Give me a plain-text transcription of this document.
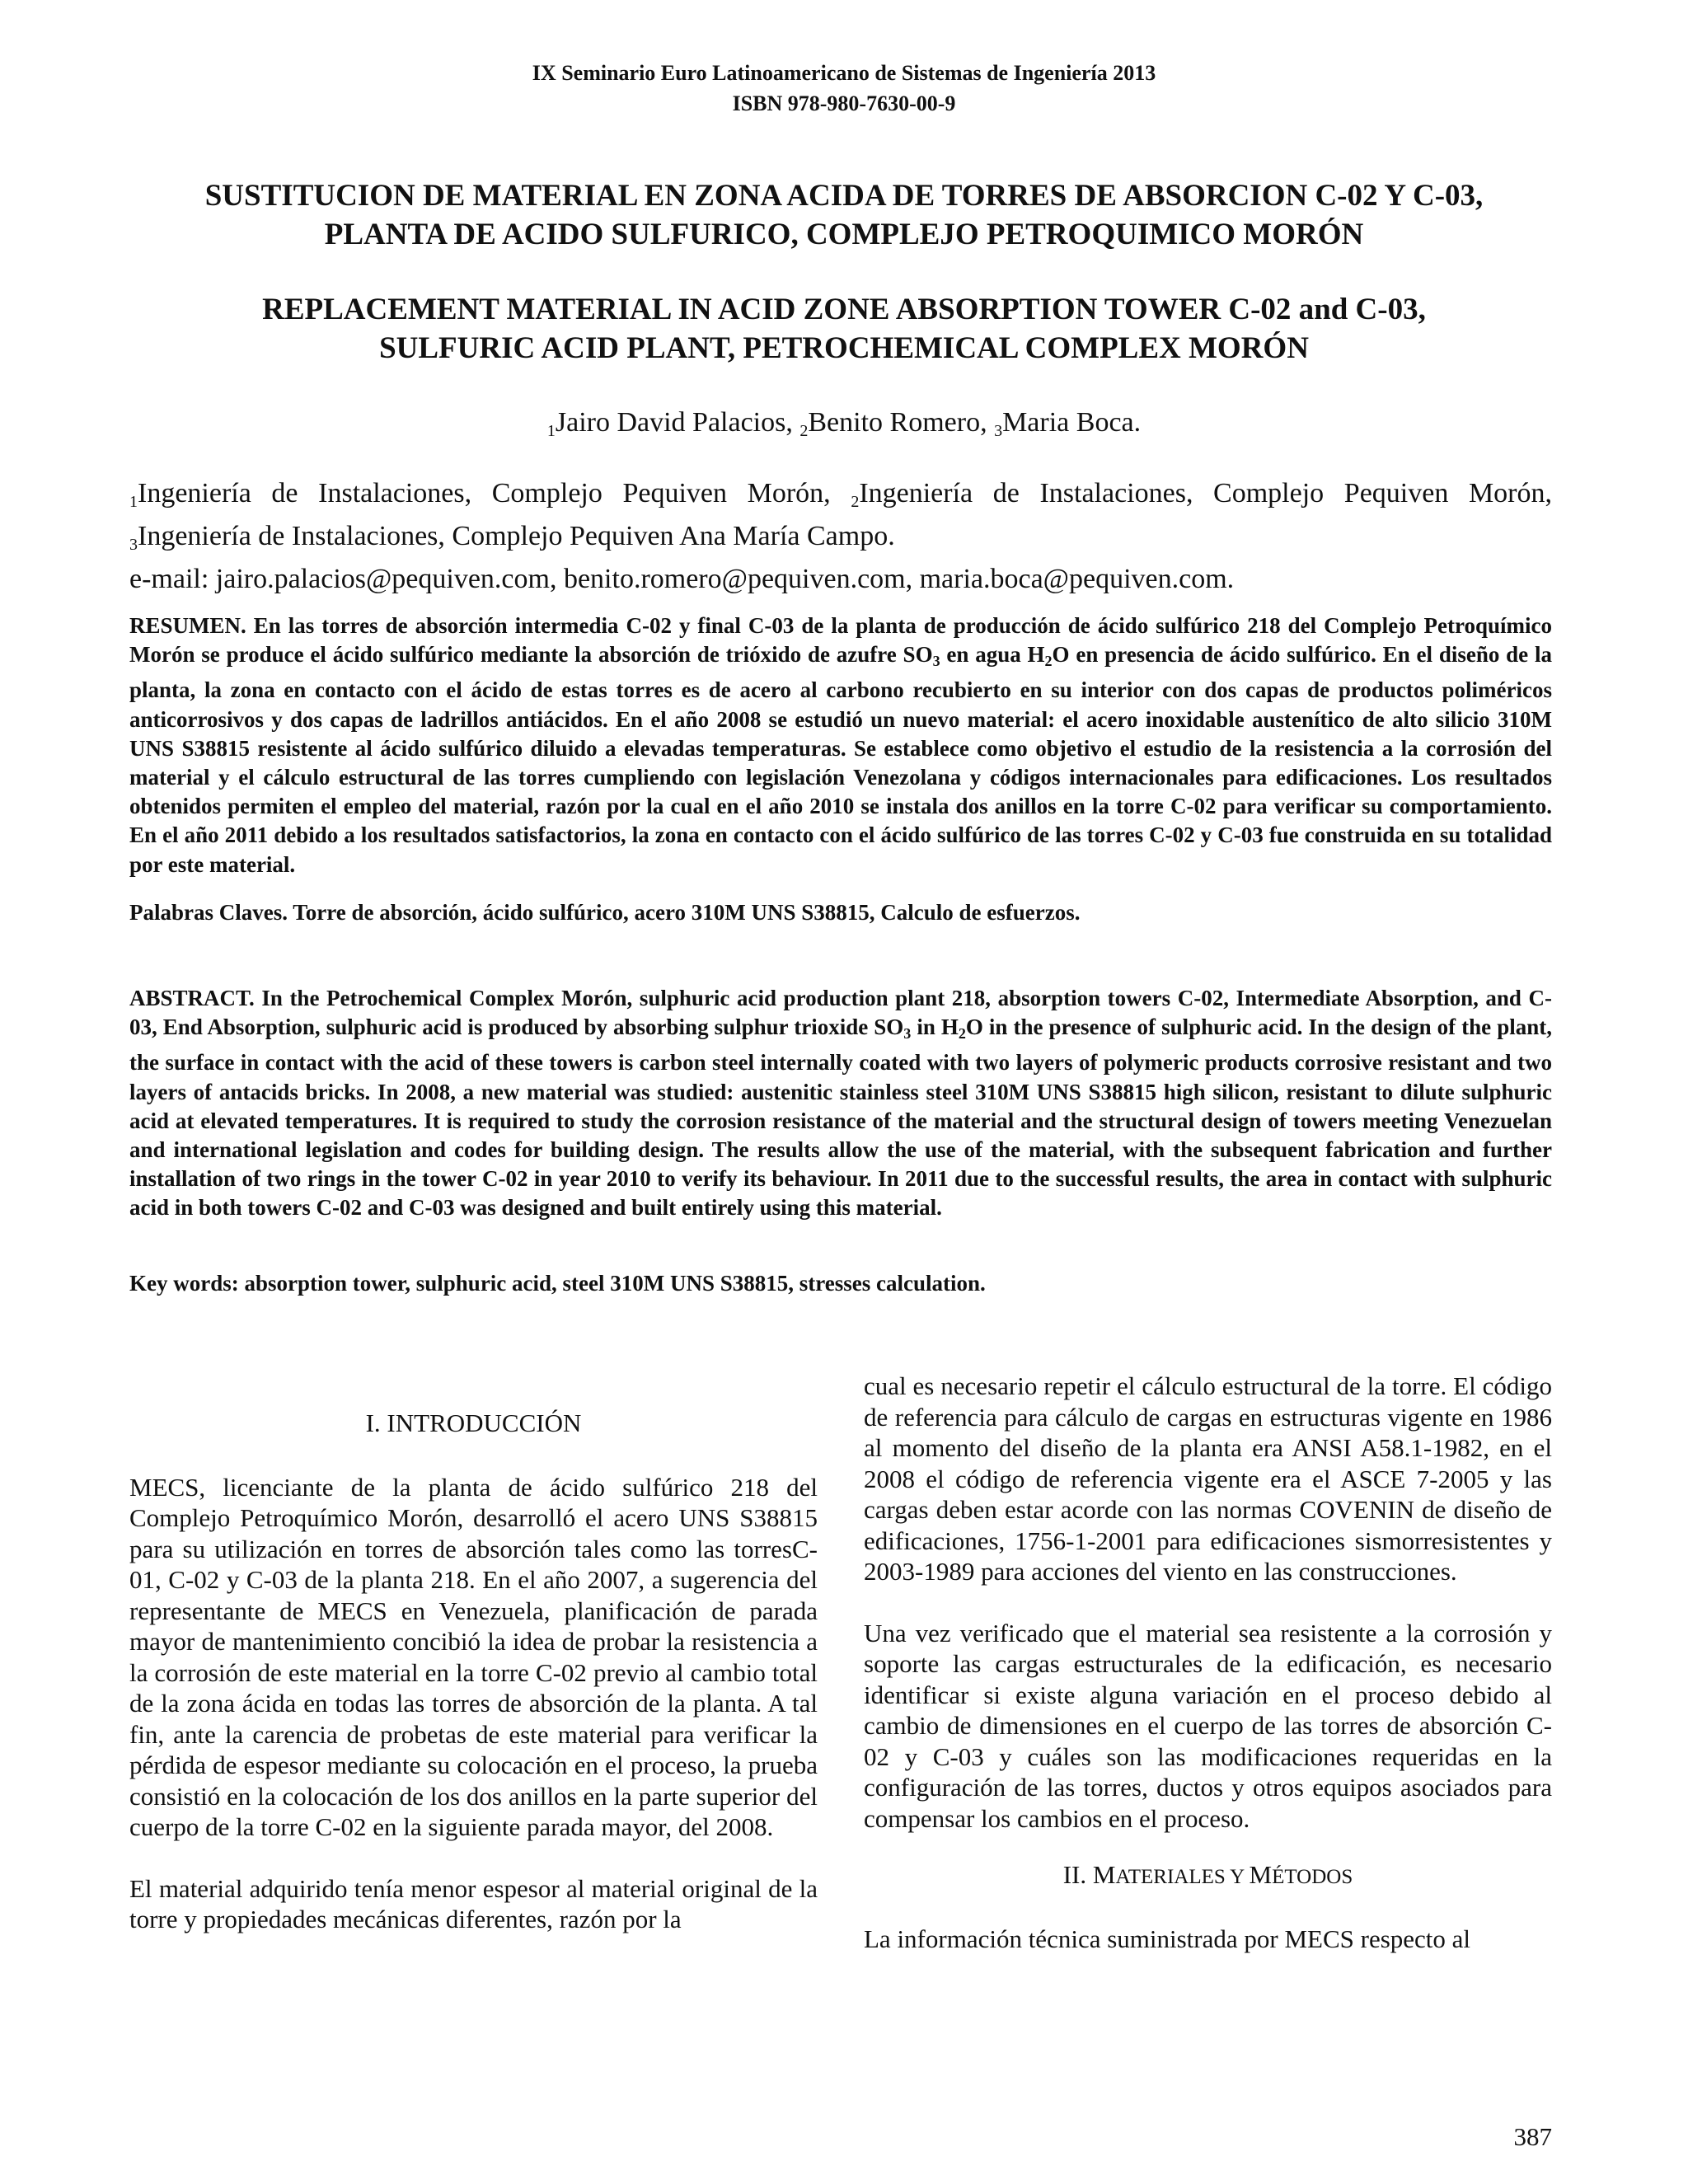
IX Seminario Euro Latinoamericano de Sistemas de Ingeniería 2013
ISBN 978-980-7630-00-9
SUSTITUCION DE MATERIAL EN ZONA ACIDA DE TORRES DE ABSORCION C-02 Y C-03,
PLANTA DE ACIDO SULFURICO, COMPLEJO PETROQUIMICO MORÓN
REPLACEMENT MATERIAL IN ACID ZONE ABSORPTION TOWER C-02 and C-03,
SULFURIC ACID PLANT, PETROCHEMICAL COMPLEX MORÓN
$_1$Jairo David Palacios, $_2$Benito Romero, $_3$Maria Boca.
$_1$Ingeniería de Instalaciones, Complejo Pequiven Morón, $_2$Ingeniería de Instalaciones, Complejo Pequiven Morón,
$_3$Ingeniería de Instalaciones, Complejo Pequiven Ana María Campo.
e-mail: jairo.palacios@pequiven.com, benito.romero@pequiven.com, maria.boca@pequiven.com.
RESUMEN. En las torres de absorción intermedia C-02 y final C-03 de la planta de producción de ácido sulfúrico 218 del Complejo Petroquímico Morón se produce el ácido sulfúrico mediante la absorción de trióxido de azufre $SO_3$ en agua $H_2O$ en presencia de ácido sulfúrico. En el diseño de la planta, la zona en contacto con el ácido de estas torres es de acero al carbono recubierto en su interior con dos capas de productos poliméricos anticorrosivos y dos capas de ladrillos antiácidos. En el año 2008 se estudió un nuevo material: el acero inoxidable austenítico de alto silicio 310M UNS S38815 resistente al ácido sulfúrico diluido a elevadas temperaturas. Se establece como objetivo el estudio de la resistencia a la corrosión del material y el cálculo estructural de las torres cumpliendo con legislación Venezolana y códigos internacionales para edificaciones. Los resultados obtenidos permiten el empleo del material, razón por la cual en el año 2010 se instala dos anillos en la torre C-02 para verificar su comportamiento. En el año 2011 debido a los resultados satisfactorios, la zona en contacto con el ácido sulfúrico de las torres C-02 y C-03 fue construida en su totalidad por este material.
Palabras Claves. Torre de absorción, ácido sulfúrico, acero 310M UNS S38815, Calculo de esfuerzos.
ABSTRACT. In the Petrochemical Complex Morón, sulphuric acid production plant 218, absorption towers C-02, Intermediate Absorption, and C-03, End Absorption, sulphuric acid is produced by absorbing sulphur trioxide $SO_3$ in $H_2O$ in the presence of sulphuric acid. In the design of the plant, the surface in contact with the acid of these towers is carbon steel internally coated with two layers of polymeric products corrosive resistant and two layers of antacids bricks. In 2008, a new material was studied: austenitic stainless steel 310M UNS S38815 high silicon, resistant to dilute sulphuric acid at elevated temperatures. It is required to study the corrosion resistance of the material and the structural design of towers meeting Venezuelan and international legislation and codes for building design. The results allow the use of the material, with the subsequent fabrication and further installation of two rings in the tower C-02 in year 2010 to verify its behaviour. In 2011 due to the successful results, the area in contact with sulphuric acid in both towers C-02 and C-03 was designed and built entirely using this material.
Key words: absorption tower, sulphuric acid, steel 310M UNS S38815, stresses calculation.
I. INTRODUCCIÓN

MECS, licenciante de la planta de ácido sulfúrico 218 del Complejo Petroquímico Morón, desarrolló el acero UNS S38815 para su utilización en torres de absorción tales como las torresC-01, C-02 y C-03 de la planta 218. En el año 2007, a sugerencia del representante de MECS en Venezuela, planificación de parada mayor de mantenimiento concibió la idea de probar la resistencia a la corrosión de este material en la torre C-02 previo al cambio total de la zona ácida en todas las torres de absorción de la planta. A tal fin, ante la carencia de probetas de este material para verificar la pérdida de espesor mediante su colocación en el proceso, la prueba consistió en la colocación de los dos anillos en la parte superior del cuerpo de la torre C-02 en la siguiente parada mayor, del 2008.

El material adquirido tenía menor espesor al material original de la torre y propiedades mecánicas diferentes, razón por la

cual es necesario repetir el cálculo estructural de la torre. El código de referencia para cálculo de cargas en estructuras vigente en 1986 al momento del diseño de la planta era ANSI A58.1-1982, en el 2008 el código de referencia vigente era el ASCE 7-2005 y las cargas deben estar acorde con las normas COVENIN de diseño de edificaciones, 1756-1-2001 para edificaciones sismorresistentes y 2003-1989 para acciones del viento en las construcciones.

Una vez verificado que el material sea resistente a la corrosión y soporte las cargas estructurales de la edificación, es necesario identificar si existe alguna variación en el proceso debido al cambio de dimensiones en el cuerpo de las torres de absorción C-02 y C-03 y cuáles son las modificaciones requeridas en la configuración de las torres, ductos y otros equipos asociados para compensar los cambios en el proceso.

II. MATERIALES Y MÉTODOS

La información técnica suministrada por MECS respecto al

387
